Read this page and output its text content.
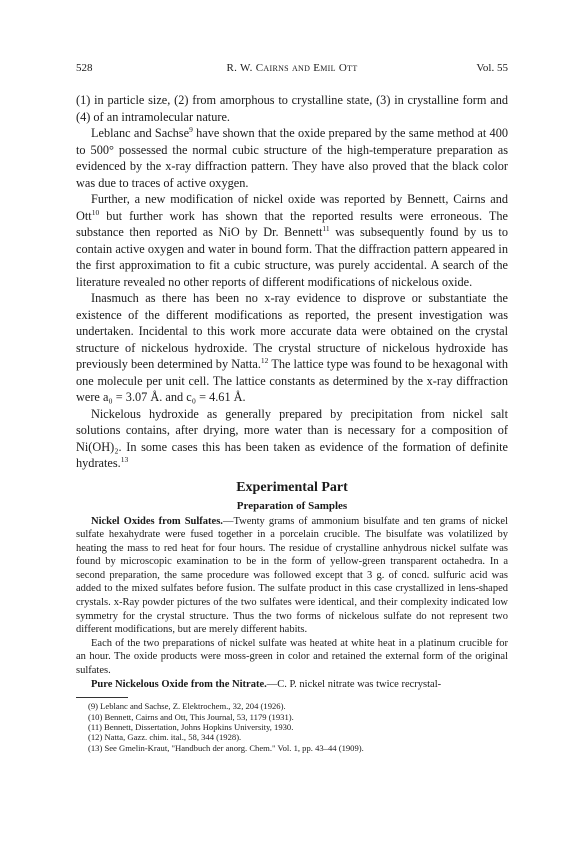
528	R. W. Cairns and Emil Ott	Vol. 55

(1) in particle size, (2) from amorphous to crystalline state, (3) in crystalline form and (4) of an intramolecular nature.

Leblanc and Sachse$^9$ have shown that the oxide prepared by the same method at 400 to 500° possessed the normal cubic structure of the high-temperature preparation as evidenced by the x-ray diffraction pattern. They have also proved that the black color was due to traces of active oxygen.

Further, a new modification of nickel oxide was reported by Bennett, Cairns and Ott$^{10}$ but further work has shown that the reported results were erroneous. The substance then reported as NiO by Dr. Bennett$^{11}$ was subsequently found by us to contain active oxygen and water in bound form. That the diffraction pattern appeared in the first approximation to fit a cubic structure, was purely accidental. A search of the literature revealed no other reports of different modifications of nickelous oxide.

Inasmuch as there has been no x-ray evidence to disprove or substantiate the existence of the different modifications as reported, the present investigation was undertaken. Incidental to this work more accurate data were obtained on the crystal structure of nickelous hydroxide. The crystal structure of nickelous hydroxide has previously been determined by Natta.$^{12}$ The lattice type was found to be hexagonal with one molecule per unit cell. The lattice constants as determined by the x-ray diffraction were a₀ = 3.07 Å. and c₀ = 4.61 Å.

Nickelous hydroxide as generally prepared by precipitation from nickel salt solutions contains, after drying, more water than is necessary for a composition of Ni(OH)₂. In some cases this has been taken as evidence of the formation of definite hydrates.$^{13}$

Experimental Part
Preparation of Samples

Nickel Oxides from Sulfates.—Twenty grams of ammonium bisulfate and ten grams of nickel sulfate hexahydrate were fused together in a porcelain crucible. The bisulfate was volatilized by heating the mass to red heat for four hours. The residue of crystalline anhydrous nickel sulfate was found by microscopic examination to be in the form of yellow-green transparent octahedra. In a second preparation, the same procedure was followed except that 3 g. of concd. sulfuric acid was added to the mixed sulfates before fusion. The sulfate product in this case crystallized in lens-shaped crystals. x-Ray powder pictures of the two sulfates were identical, and their complexity indicated low symmetry for the crystal structure. Thus the two forms of nickelous sulfate do not represent two different modifications, but are merely different habits.

Each of the two preparations of nickel sulfate was heated at white heat in a platinum crucible for an hour. The oxide products were moss-green in color and retained the external form of the original sulfates.

Pure Nickelous Oxide from the Nitrate.—C. P. nickel nitrate was twice recrystal-

(9) Leblanc and Sachse, Z. Elektrochem., 32, 204 (1926).

(10) Bennett, Cairns and Ott, This Journal, 53, 1179 (1931).

(11) Bennett, Dissertation, Johns Hopkins University, 1930.

(12) Natta, Gazz. chim. ital., 58, 344 (1928).

(13) See Gmelin-Kraut, "Handbuch der anorg. Chem." Vol. 1, pp. 43–44 (1909).
